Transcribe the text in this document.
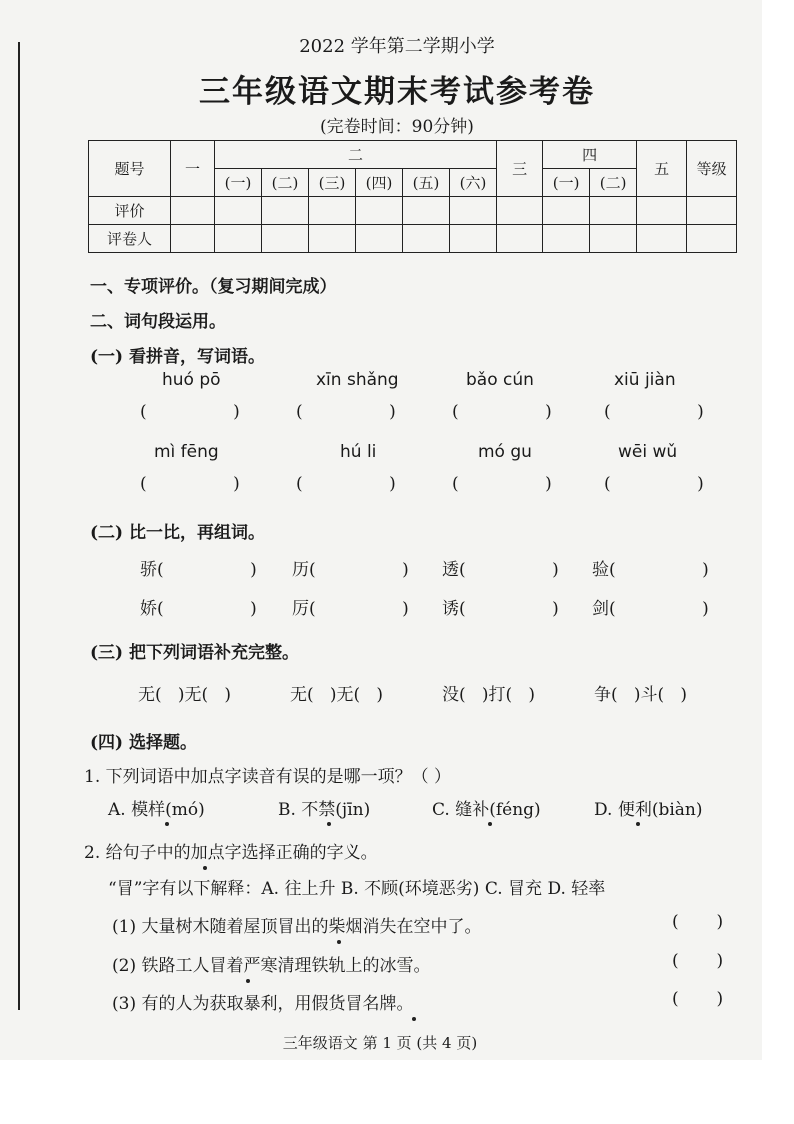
2022 学年第二学期小学
三年级语文期末考试参考卷
(完卷时间：90分钟)
题号	一	二						三	四		五	等级
		(一)	(二)	(三)	(四)	(五)	(六)		(一)	(二)		
评价												
评卷人												
一、专项评价。（复习期间完成）
二、词句段运用。
(一) 看拼音，写词语。
huó pō	xīn shǎng	bǎo cún	xiū jiàn
(                )	(                )	(                )	(                )
mì fēng	hú li	mó gu	wēi wǔ
(                )	(                )	(                )	(                )
(二) 比一比，再组词。
骄(                ) 历(                ) 透(                ) 验(                )
娇(                ) 厉(                ) 诱(                ) 剑(                )
(三) 把下列词语补充完整。
无( )无( )	无( )无( )	没( )打( )	争( )斗( )
(四) 选择题。
1. 下列词语中加点字读音有误的是哪一项？（ ）
A. 模样(mó)	B. 不禁(jīn)	C. 缝补(féng)	D. 便利(biàn)
2. 给句子中的加点字选择正确的字义。
“冒”字有以下解释：A. 往上升 B. 不顾(环境恶劣) C. 冒充 D. 轻率
(1) 大量树木随着屋顶冒出的柴烟消失在空中了。	(       )
(2) 铁路工人冒着严寒清理铁轨上的冰雪。	(       )
(3) 有的人为获取暴利，用假货冒名牌。	(       )
三年级语文 第 1 页 (共 4 页)
